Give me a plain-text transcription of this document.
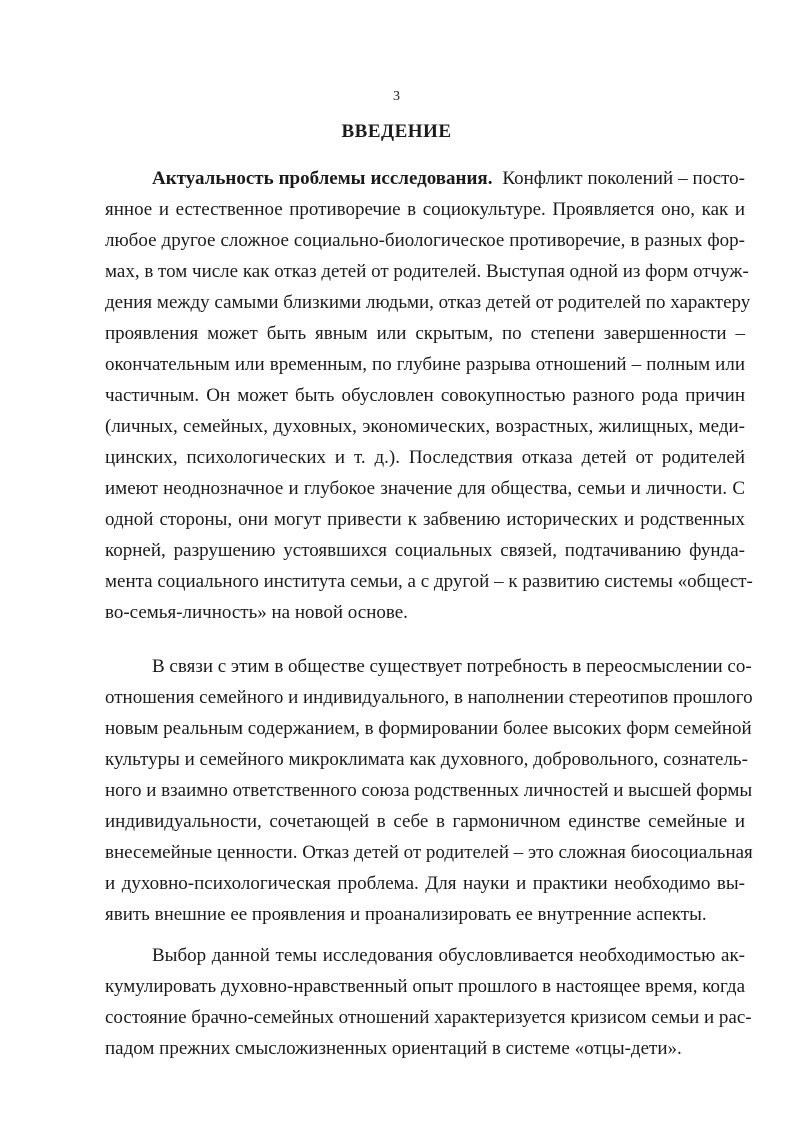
3
ВВЕДЕНИЕ
Актуальность проблемы исследования. Конфликт поколений – посто-
янное и естественное противоречие в социокультуре. Проявляется оно, как и
любое другое сложное социально-биологическое противоречие, в разных фор-
мах, в том числе как отказ детей от родителей. Выступая одной из форм отчуж-
дения между самыми близкими людьми, отказ детей от родителей по характеру
проявления может быть явным или скрытым, по степени завершенности –
окончательным или временным, по глубине разрыва отношений – полным или
частичным. Он может быть обусловлен совокупностью разного рода причин
(личных, семейных, духовных, экономических, возрастных, жилищных, меди-
цинских, психологических и т. д.). Последствия отказа детей от родителей
имеют неоднозначное и глубокое значение для общества, семьи и личности. С
одной стороны, они могут привести к забвению исторических и родственных
корней, разрушению устоявшихся социальных связей, подтачиванию фунда-
мента социального института семьи, а с другой – к развитию системы «общест-
во-семья-личность» на новой основе.
В связи с этим в обществе существует потребность в переосмыслении со-
отношения семейного и индивидуального, в наполнении стереотипов прошлого
новым реальным содержанием, в формировании более высоких форм семейной
культуры и семейного микроклимата как духовного, добровольного, сознатель-
ного и взаимно ответственного союза родственных личностей и высшей формы
индивидуальности, сочетающей в себе в гармоничном единстве семейные и
внесемейные ценности. Отказ детей от родителей – это сложная биосоциальная
и духовно-психологическая проблема. Для науки и практики необходимо вы-
явить внешние ее проявления и проанализировать ее внутренние аспекты.
Выбор данной темы исследования обусловливается необходимостью ак-
кумулировать духовно-нравственный опыт прошлого в настоящее время, когда
состояние брачно-семейных отношений характеризуется кризисом семьи и рас-
падом прежних смысложизненных ориентаций в системе «отцы-дети».
